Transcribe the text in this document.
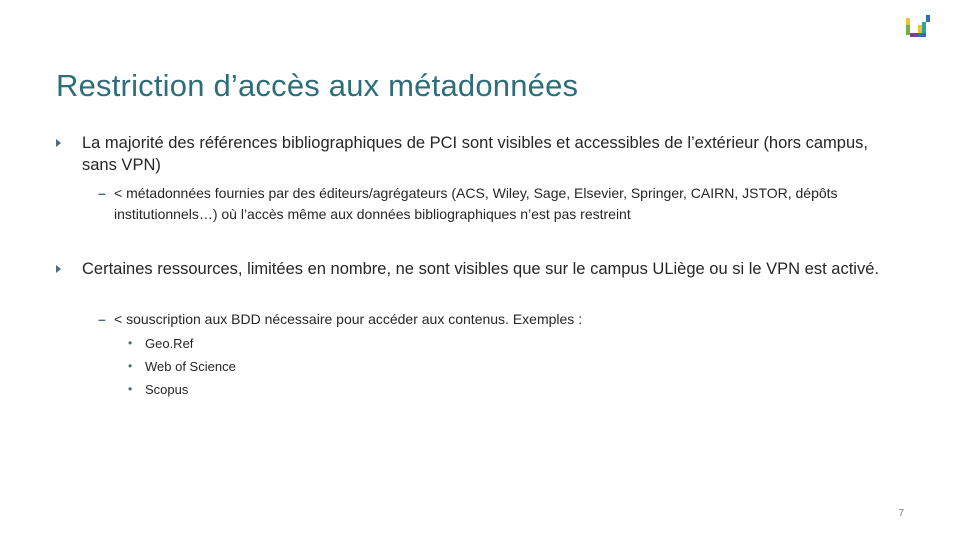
Restriction d’accès aux métadonnées
La majorité des références bibliographiques de PCI sont visibles et accessibles de l’extérieur (hors campus, sans VPN)
– < métadonnées fournies par des éditeurs/agrégateurs (ACS, Wiley, Sage, Elsevier, Springer, CAIRN, JSTOR, dépôts institutionnels…) où l’accès même aux données bibliographiques n’est pas restreint
Certaines ressources, limitées en nombre, ne sont visibles que sur le campus ULiège ou si le VPN est activé.
– < souscription aux BDD nécessaire pour accéder aux contenus. Exemples :
• Geo.Ref
• Web of Science
• Scopus
7
